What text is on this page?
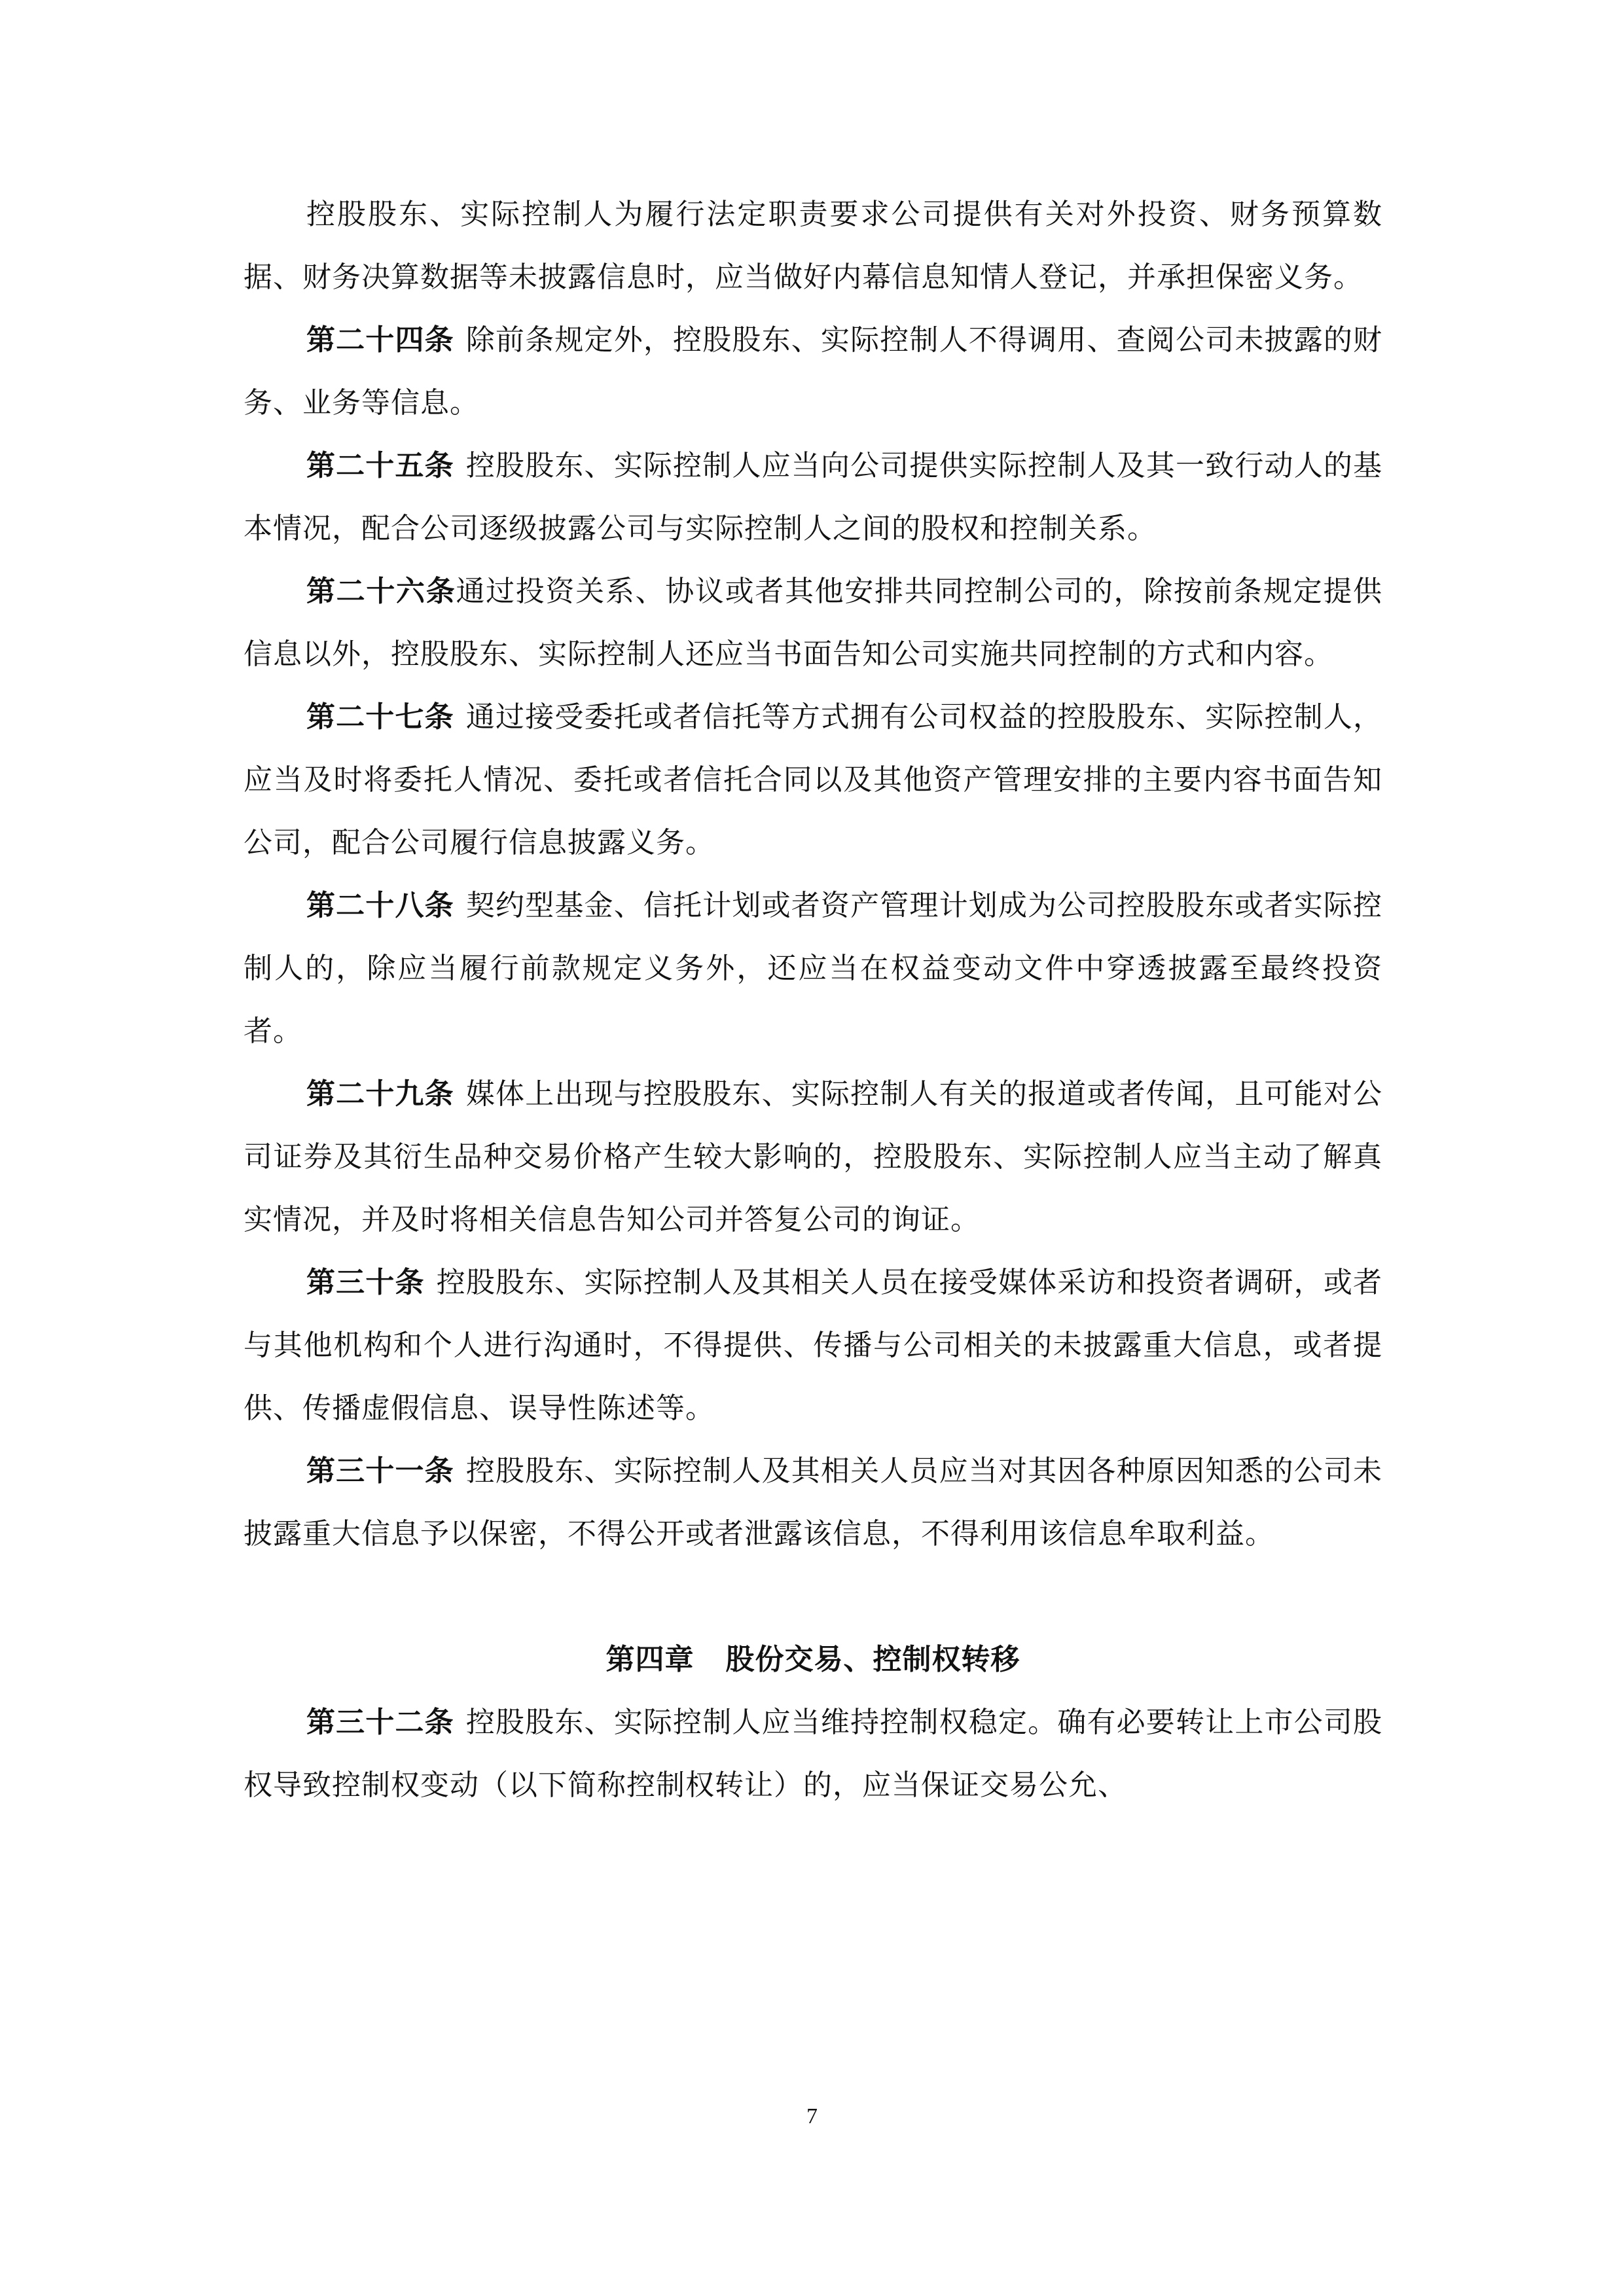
控股股东、实际控制人为履行法定职责要求公司提供有关对外投资、财务预算数据、财务决算数据等未披露信息时，应当做好内幕信息知情人登记，并承担保密义务。

第二十四条 除前条规定外，控股股东、实际控制人不得调用、查阅公司未披露的财务、业务等信息。

第二十五条 控股股东、实际控制人应当向公司提供实际控制人及其一致行动人的基本情况，配合公司逐级披露公司与实际控制人之间的股权和控制关系。

第二十六条通过投资关系、协议或者其他安排共同控制公司的，除按前条规定提供信息以外，控股股东、实际控制人还应当书面告知公司实施共同控制的方式和内容。

第二十七条 通过接受委托或者信托等方式拥有公司权益的控股股东、实际控制人，应当及时将委托人情况、委托或者信托合同以及其他资产管理安排的主要内容书面告知公司，配合公司履行信息披露义务。

第二十八条 契约型基金、信托计划或者资产管理计划成为公司控股股东或者实际控制人的，除应当履行前款规定义务外，还应当在权益变动文件中穿透披露至最终投资者。

第二十九条 媒体上出现与控股股东、实际控制人有关的报道或者传闻，且可能对公司证券及其衍生品种交易价格产生较大影响的，控股股东、实际控制人应当主动了解真实情况，并及时将相关信息告知公司并答复公司的询证。

第三十条 控股股东、实际控制人及其相关人员在接受媒体采访和投资者调研，或者与其他机构和个人进行沟通时，不得提供、传播与公司相关的未披露重大信息，或者提供、传播虚假信息、误导性陈述等。

第三十一条 控股股东、实际控制人及其相关人员应当对其因各种原因知悉的公司未披露重大信息予以保密，不得公开或者泄露该信息，不得利用该信息牟取利益。

第四章 股份交易、控制权转移

第三十二条 控股股东、实际控制人应当维持控制权稳定。确有必要转让上市公司股权导致控制权变动（以下简称控制权转让）的，应当保证交易公允、

7
